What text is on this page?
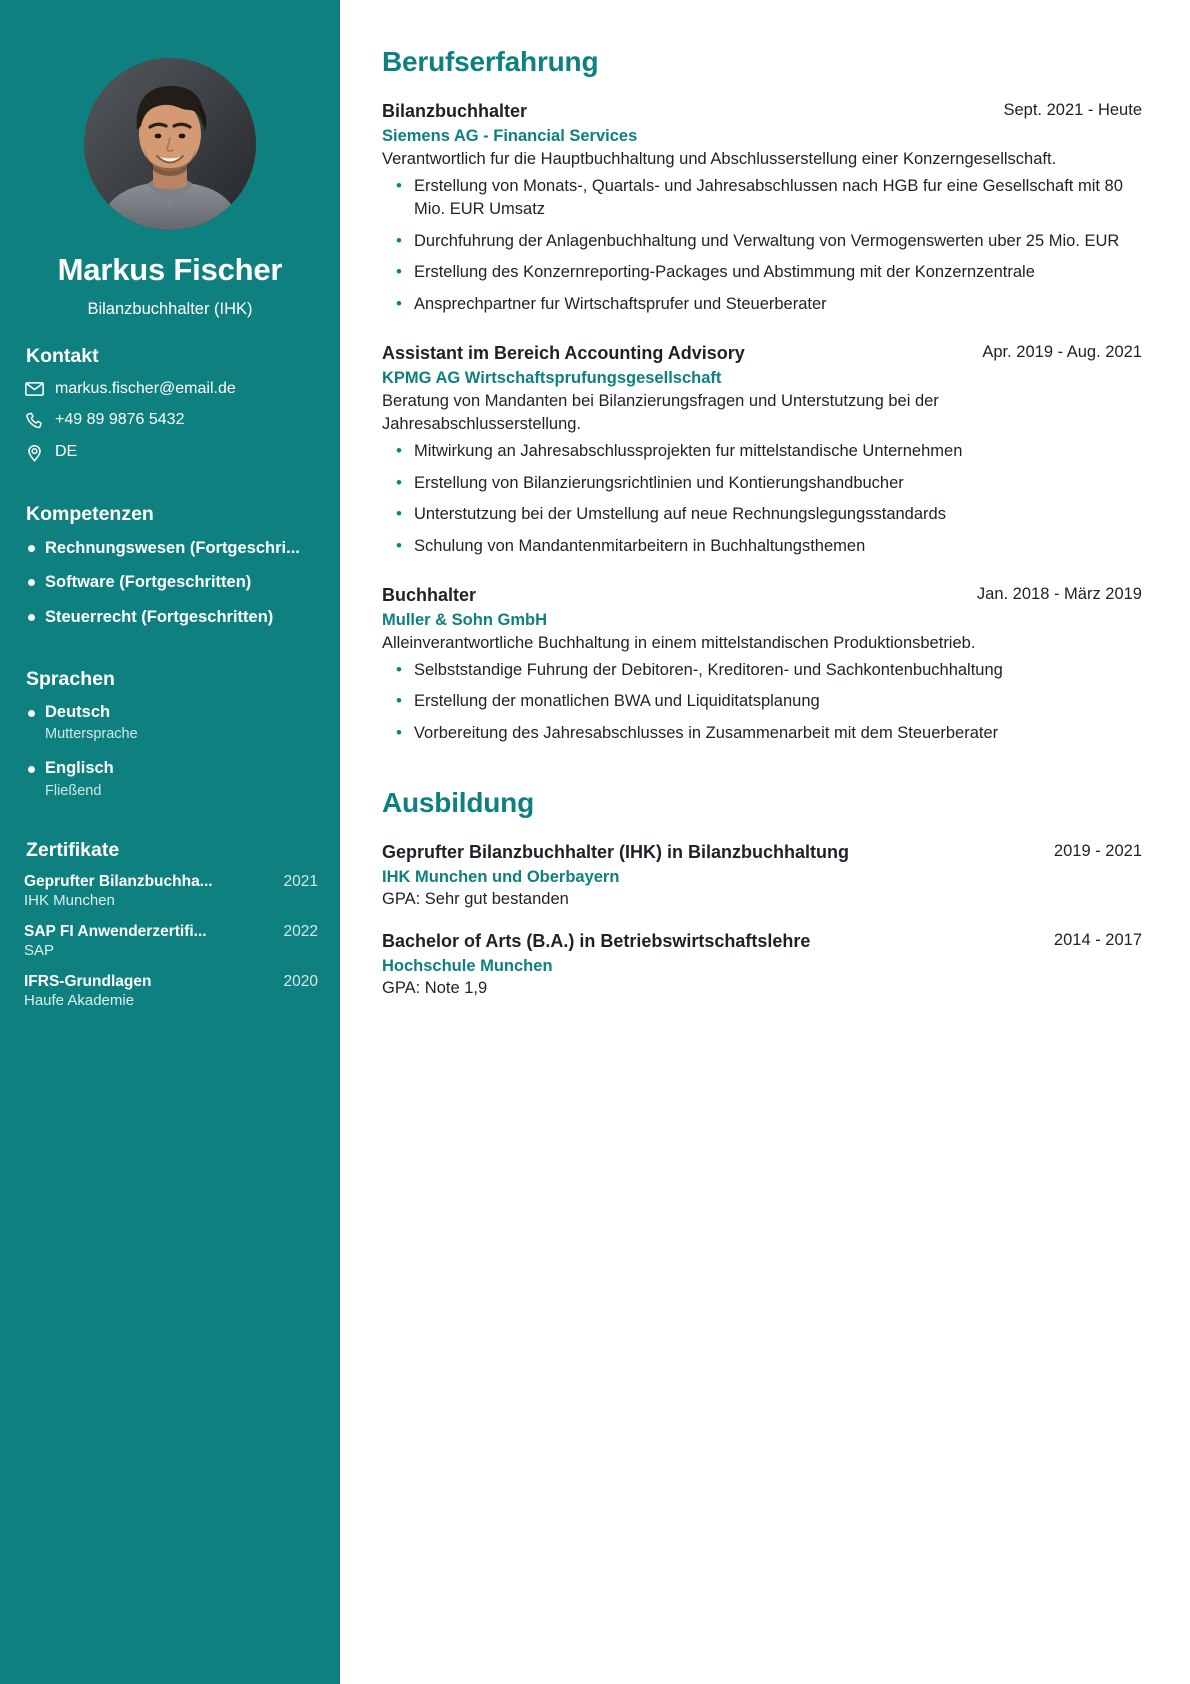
Markus Fischer
Bilanzbuchhalter (IHK)
Kontakt
markus.fischer@email.de
+49 89 9876 5432
DE
Kompetenzen
Rechnungswesen (Fortgeschri...
Software (Fortgeschritten)
Steuerrecht (Fortgeschritten)
Sprachen
Deutsch
Muttersprache
Englisch
Fließend
Zertifikate
Geprufter Bilanzbuchha...	2021
IHK Munchen
SAP FI Anwenderzertifi...	2022
SAP
IFRS-Grundlagen	2020
Haufe Akademie
Berufserfahrung
Bilanzbuchhalter	Sept. 2021 - Heute
Siemens AG - Financial Services
Verantwortlich fur die Hauptbuchhaltung und Abschlusserstellung einer Konzerngesellschaft.
• Erstellung von Monats-, Quartals- und Jahresabschlussen nach HGB fur eine Gesellschaft mit 80 Mio. EUR Umsatz
• Durchfuhrung der Anlagenbuchhaltung und Verwaltung von Vermogenswerten uber 25 Mio. EUR
• Erstellung des Konzernreporting-Packages und Abstimmung mit der Konzernzentrale
• Ansprechpartner fur Wirtschaftsprufer und Steuerberater
Assistant im Bereich Accounting Advisory	Apr. 2019 - Aug. 2021
KPMG AG Wirtschaftsprufungsgesellschaft
Beratung von Mandanten bei Bilanzierungsfragen und Unterstutzung bei der Jahresabschlusserstellung.
• Mitwirkung an Jahresabschlussprojekten fur mittelstandische Unternehmen
• Erstellung von Bilanzierungsrichtlinien und Kontierungshandbucher
• Unterstutzung bei der Umstellung auf neue Rechnungslegungsstandards
• Schulung von Mandantenmitarbeitern in Buchhaltungsthemen
Buchhalter	Jan. 2018 - März 2019
Muller & Sohn GmbH
Alleinverantwortliche Buchhaltung in einem mittelstandischen Produktionsbetrieb.
• Selbststandige Fuhrung der Debitoren-, Kreditoren- und Sachkontenbuchhaltung
• Erstellung der monatlichen BWA und Liquiditatsplanung
• Vorbereitung des Jahresabschlusses in Zusammenarbeit mit dem Steuerberater
Ausbildung
Geprufter Bilanzbuchhalter (IHK) in Bilanzbuchhaltung	2019 - 2021
IHK Munchen und Oberbayern
GPA: Sehr gut bestanden
Bachelor of Arts (B.A.) in Betriebswirtschaftslehre	2014 - 2017
Hochschule Munchen
GPA: Note 1,9
